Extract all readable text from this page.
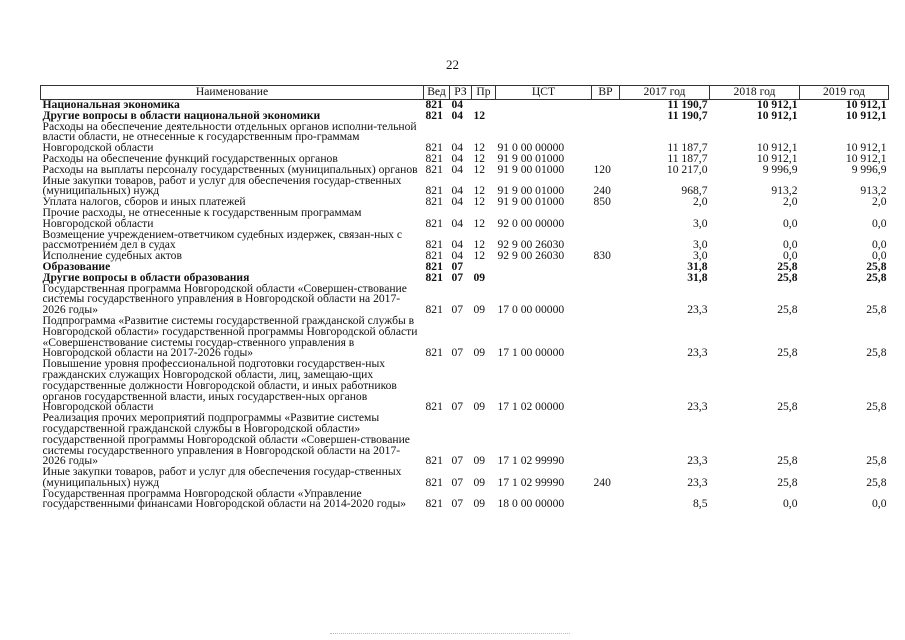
22
Наименование	Вед	РЗ	Пр	ЦСТ	ВР	2017 год	2018 год	2019 год
Национальная экономика	821	04				11 190,7	10 912,1	10 912,1
Другие вопросы в области национальной экономики	821	04	12			11 190,7	10 912,1	10 912,1
Расходы на обеспечение деятельности отдельных органов исполни-тельной власти области, не отнесенные к государственным про-граммам Новгородской области	821	04	12	91 0 00 00000		11 187,7	10 912,1	10 912,1
Расходы на обеспечение функций государственных органов	821	04	12	91 9 00 01000		11 187,7	10 912,1	10 912,1
Расходы на выплаты персоналу государственных (муниципальных) органов	821	04	12	91 9 00 01000	120	10 217,0	9 996,9	9 996,9
Иные закупки товаров, работ и услуг для обеспечения государ-ственных (муниципальных) нужд	821	04	12	91 9 00 01000	240	968,7	913,2	913,2
Уплата налогов, сборов и иных платежей	821	04	12	91 9 00 01000	850	2,0	2,0	2,0
Прочие расходы, не отнесенные к государственным программам Новгородской области	821	04	12	92 0 00 00000		3,0	0,0	0,0
Возмещение учреждением-ответчиком судебных издержек, связан-ных с рассмотрением дел в судах	821	04	12	92 9 00 26030		3,0	0,0	0,0
Исполнение судебных актов	821	04	12	92 9 00 26030	830	3,0	0,0	0,0
Образование	821	07				31,8	25,8	25,8
Другие вопросы в области образования	821	07	09			31,8	25,8	25,8
Государственная программа Новгородской области «Совершен-ствование системы государственного управления в Новгородской области на 2017-2026 годы»	821	07	09	17 0 00 00000		23,3	25,8	25,8
Подпрограмма «Развитие системы государственной гражданской службы в Новгородской области» государственной программы Новгородской области «Совершенствование системы государ-ственного управления в Новгородской области на 2017-2026 годы»	821	07	09	17 1 00 00000		23,3	25,8	25,8
Повышение уровня профессиональной подготовки государствен-ных гражданских служащих Новгородской области, лиц, замещаю-щих государственные должности Новгородской области, и иных работников органов государственной власти, иных государствен-ных органов Новгородской области	821	07	09	17 1 02 00000		23,3	25,8	25,8
Реализация прочих мероприятий подпрограммы «Развитие системы государственной гражданской службы в Новгородской области» государственной программы Новгородской области «Совершен-ствование системы государственного управления в Новгородской области на 2017-2026 годы»	821	07	09	17 1 02 99990		23,3	25,8	25,8
Иные закупки товаров, работ и услуг для обеспечения государ-ственных (муниципальных) нужд	821	07	09	17 1 02 99990	240	23,3	25,8	25,8
Государственная программа Новгородской области «Управление государственными финансами Новгородской области на 2014-2020 годы»	821	07	09	18 0 00 00000		8,5	0,0	0,0
